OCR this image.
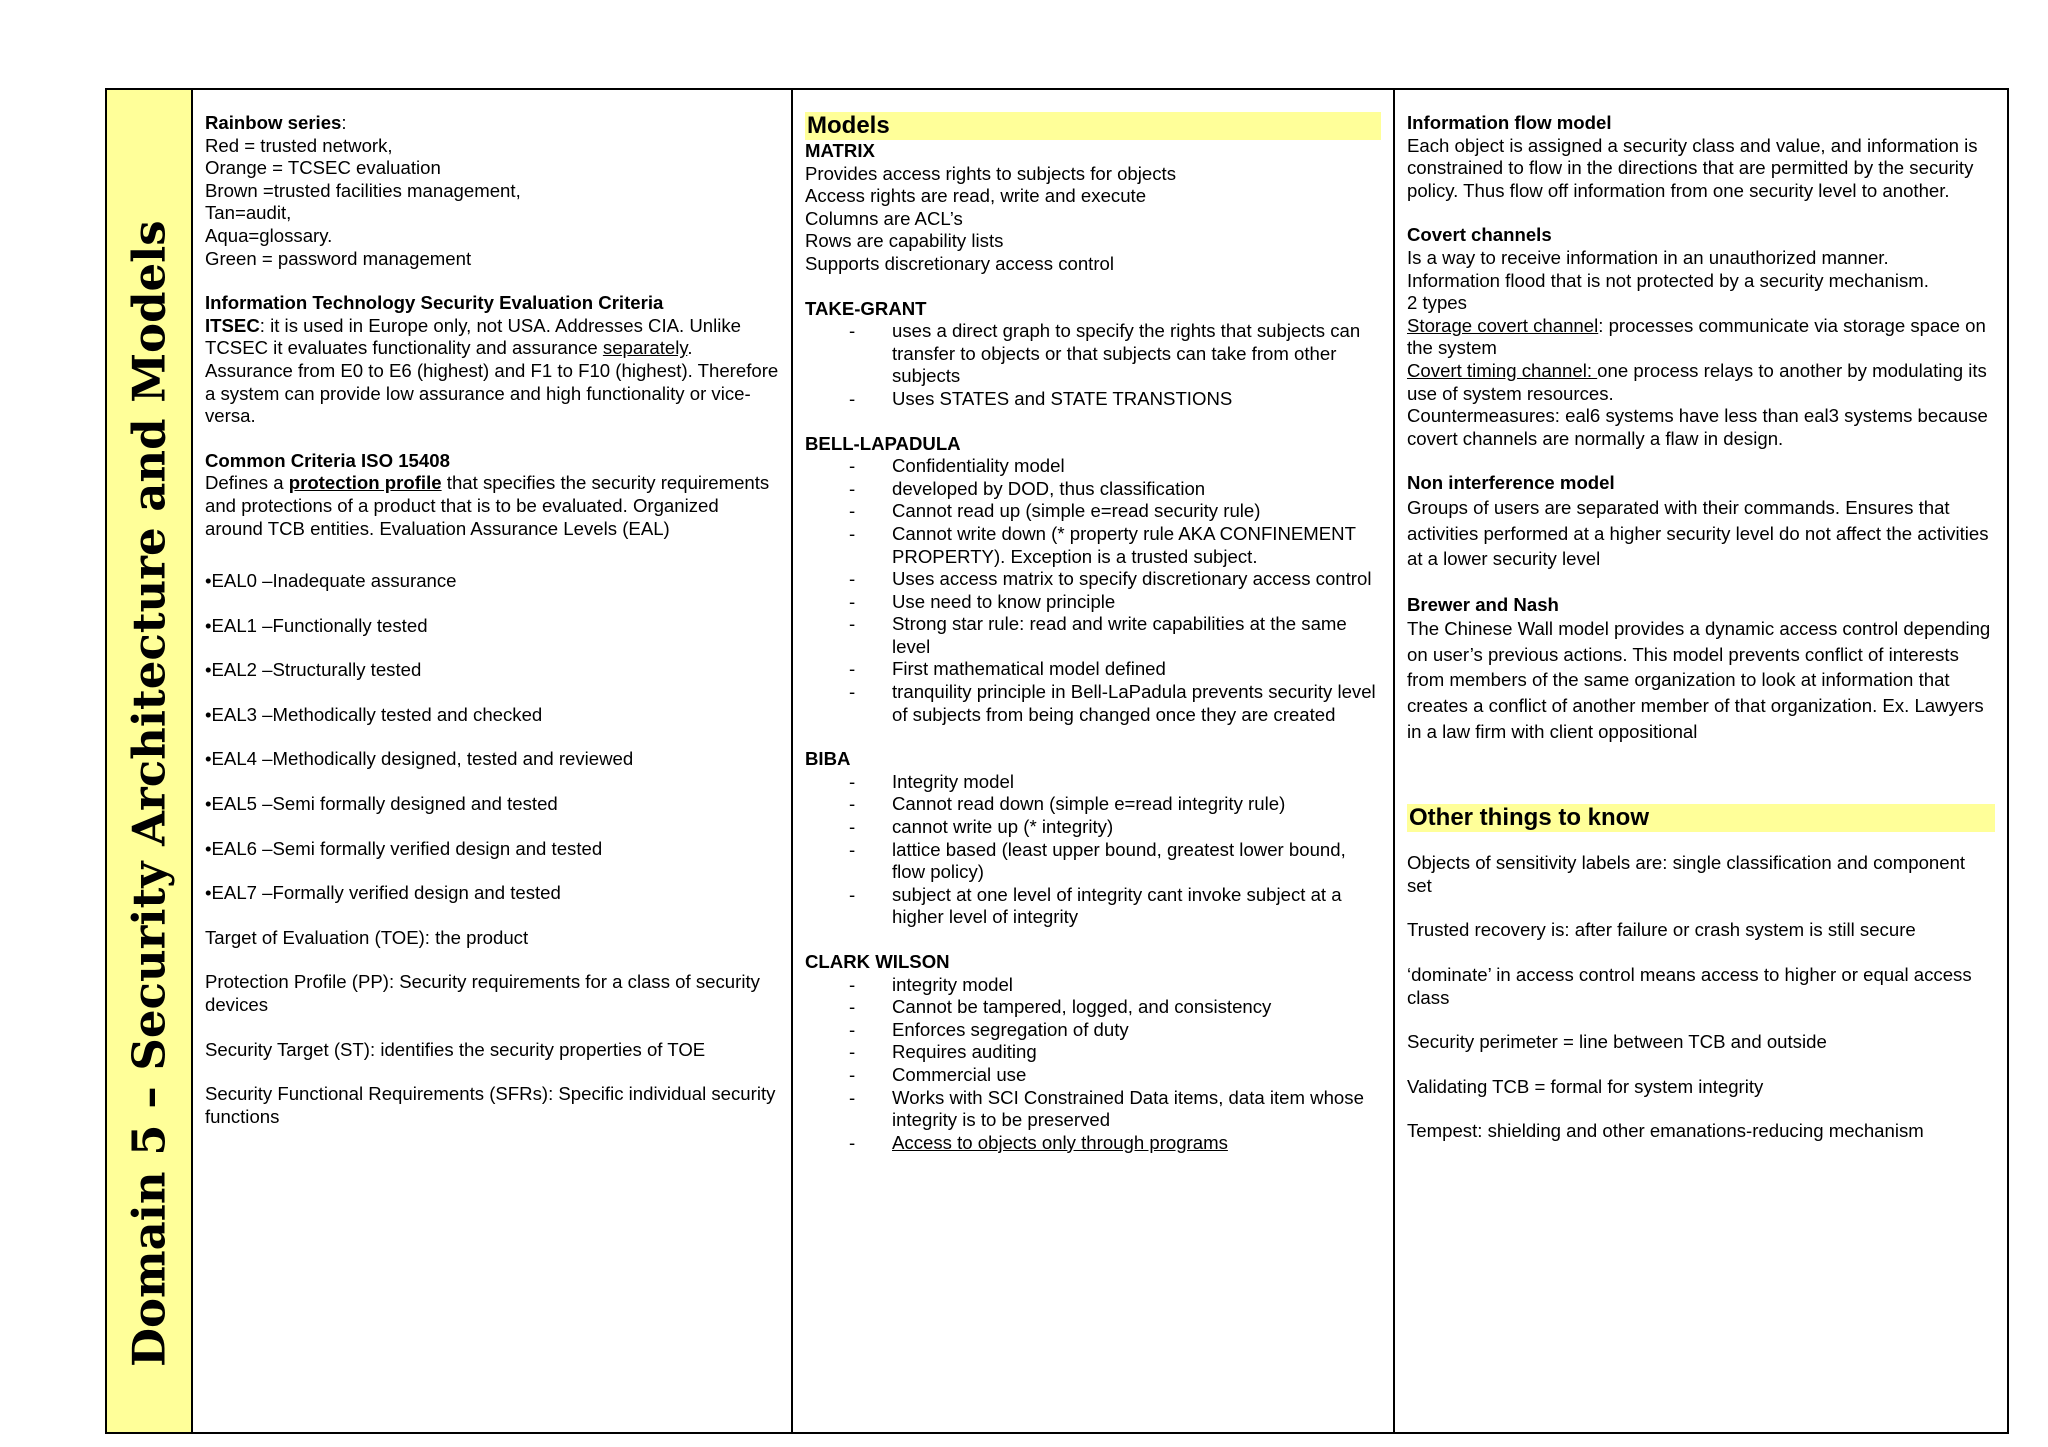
Domain 5 – Security Architecture and Models
Rainbow series:
Red = trusted network,
Orange = TCSEC evaluation
Brown =trusted facilities management,
Tan=audit,
Aqua=glossary.
Green = password management
Information Technology Security Evaluation Criteria
ITSEC: it is used in Europe only, not USA. Addresses CIA. Unlike TCSEC it evaluates functionality and assurance separately. Assurance from E0 to E6 (highest) and F1 to F10 (highest). Therefore a system can provide low assurance and high functionality or vice-versa.
Common Criteria ISO 15408
Defines a protection profile that specifies the security requirements and protections of a product that is to be evaluated. Organized around TCB entities. Evaluation Assurance Levels (EAL)
•EAL0 –Inadequate assurance
•EAL1 –Functionally tested
•EAL2 –Structurally tested
•EAL3 –Methodically tested and checked
•EAL4 –Methodically designed, tested and reviewed
•EAL5 –Semi formally designed and tested
•EAL6 –Semi formally verified design and tested
•EAL7 –Formally verified design and tested
Target of Evaluation (TOE): the product
Protection Profile (PP): Security requirements for a class of security devices
Security Target (ST): identifies the security properties of TOE
Security Functional Requirements (SFRs): Specific individual security functions
Models
MATRIX
Provides access rights to subjects for objects
Access rights are read, write and execute
Columns are ACL’s
Rows are capability lists
Supports discretionary access control
TAKE-GRANT
- uses a direct graph to specify the rights that subjects can transfer to objects or that subjects can take from other subjects
- Uses STATES and STATE TRANSTIONS
BELL-LAPADULA
- Confidentiality model
- developed by DOD, thus classification
- Cannot read up (simple e=read security rule)
- Cannot write down (* property rule AKA CONFINEMENT PROPERTY). Exception is a trusted subject.
- Uses access matrix to specify discretionary access control
- Use need to know principle
- Strong star rule: read and write capabilities at the same level
- First mathematical model defined
- tranquility principle in Bell-LaPadula prevents security level of subjects from being changed once they are created
BIBA
- Integrity model
- Cannot read down (simple e=read integrity rule)
- cannot write up (* integrity)
- lattice based (least upper bound, greatest lower bound, flow policy)
- subject at one level of integrity cant invoke subject at a higher level of integrity
CLARK WILSON
- integrity model
- Cannot be tampered, logged, and consistency
- Enforces segregation of duty
- Requires auditing
- Commercial use
- Works with SCI Constrained Data items, data item whose integrity is to be preserved
- Access to objects only through programs
Information flow model
Each object is assigned a security class and value, and information is constrained to flow in the directions that are permitted by the security policy. Thus flow off information from one security level to another.
Covert channels
Is a way to receive information in an unauthorized manner.
Information flood that is not protected by a security mechanism.
2 types
Storage covert channel: processes communicate via storage space on the system
Covert timing channel: one process relays to another by modulating its use of system resources.
Countermeasures: eal6 systems have less than eal3 systems because covert channels are normally a flaw in design.
Non interference model
Groups of users are separated with their commands. Ensures that activities performed at a higher security level do not affect the activities at a lower security level
Brewer and Nash
The Chinese Wall model provides a dynamic access control depending on user’s previous actions. This model prevents conflict of interests from members of the same organization to look at information that creates a conflict of another member of that organization. Ex. Lawyers in a law firm with client oppositional
Other things to know
Objects of sensitivity labels are: single classification and component set
Trusted recovery is: after failure or crash system is still secure
‘dominate’ in access control means access to higher or equal access class
Security perimeter = line between TCB and outside
Validating TCB = formal for system integrity
Tempest: shielding and other emanations-reducing mechanism
